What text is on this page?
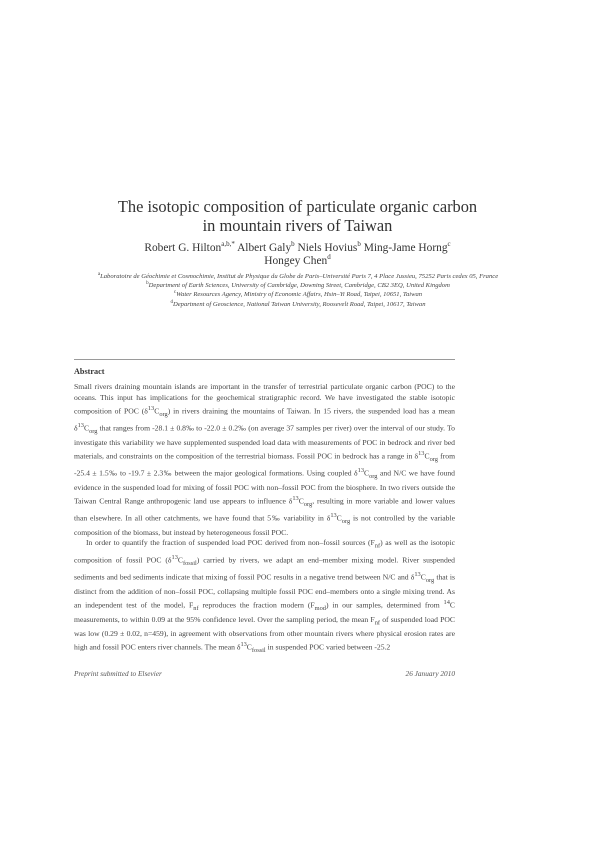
The isotopic composition of particulate organic carbon
in mountain rivers of Taiwan
Robert G. Hilton$^{a,b,*}$ Albert Galy$^b$ Niels Hovius$^b$ Ming-Jame Horng$^c$
Hongey Chen$^d$
$^a$Laboratoire de Géochimie et Cosmochimie, Institut de Physique du Globe de Paris–Université Paris 7, 4 Place Jussieu, 75252 Paris cedex 05, France
$^b$Department of Earth Sciences, University of Cambridge, Downing Street, Cambridge, CB2 3EQ, United Kingdom
$^c$Water Resources Agency, Ministry of Economic Affairs, Hsin–Yi Road, Taipei, 10651, Taiwan
$^d$Department of Geoscience, National Taiwan University, Roosevelt Road, Taipei, 10617, Taiwan
Abstract

Small rivers draining mountain islands are important in the transfer of terrestrial particulate organic carbon (POC) to the oceans. This input has implications for the geochemical stratigraphic record. We have investigated the stable isotopic composition of POC $(\delta^{13}C_{org})$ in rivers draining the mountains of Taiwan. In 15 rivers, the suspended load has a mean $\delta^{13}C_{org}$ that ranges from -28.1 ± 0.8‰ to -22.0 ± 0.2‰ (on average 37 samples per river) over the interval of our study. To investigate this variability we have supplemented suspended load data with measurements of POC in bedrock and river bed materials, and constraints on the composition of the terrestrial biomass. Fossil POC in bedrock has a range in $\delta^{13}C_{org}$ from -25.4 ± 1.5‰ to -19.7 ± 2.3‰ between the major geological formations. Using coupled $\delta^{13}C_{org}$ and N/C we have found evidence in the suspended load for mixing of fossil POC with non–fossil POC from the biosphere. In two rivers outside the Taiwan Central Range anthropogenic land use appears to influence $\delta^{13}C_{org}$, resulting in more variable and lower values than elsewhere. In all other catchments, we have found that 5‰ variability in $\delta^{13}C_{org}$ is not controlled by the variable composition of the biomass, but instead by heterogeneous fossil POC.

In order to quantify the fraction of suspended load POC derived from non–fossil sources $(F_{nf})$ as well as the isotopic composition of fossil POC $(\delta^{13}C_{fossil})$ carried by rivers, we adapt an end–member mixing model. River suspended sediments and bed sediments indicate that mixing of fossil POC results in a negative trend between N/C and $\delta^{13}C_{org}$ that is distinct from the addition of non–fossil POC, collapsing multiple fossil POC end–members onto a single mixing trend. As an independent test of the model, $F_{nf}$ reproduces the fraction modern $(F_{mod})$ in our samples, determined from $^{14}$C measurements, to within 0.09 at the 95% confidence level. Over the sampling period, the mean $F_{nf}$ of suspended load POC was low (0.29 ± 0.02, n=459), in agreement with observations from other mountain rivers where physical erosion rates are high and fossil POC enters river channels. The mean $\delta^{13}C_{fossil}$ in suspended POC varied between -25.2

Preprint submitted to Elsevier	26 January 2010
